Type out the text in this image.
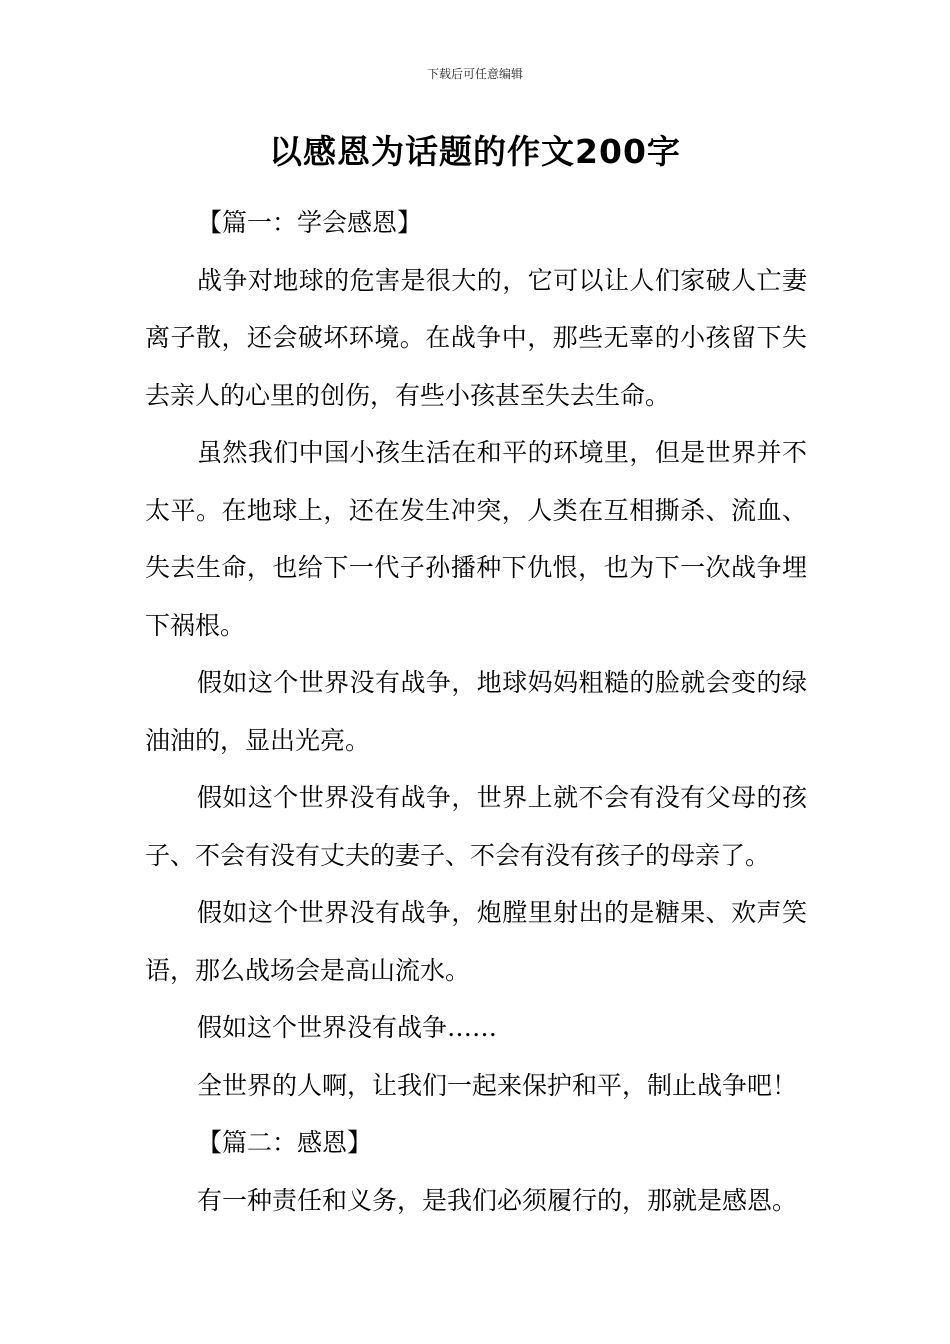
下载后可任意编辑
以感恩为话题的作文200字

【篇一：学会感恩】

战争对地球的危害是很大的，它可以让人们家破人亡妻离子散，还会破坏环境。在战争中，那些无辜的小孩留下失去亲人的心里的创伤，有些小孩甚至失去生命。

虽然我们中国小孩生活在和平的环境里，但是世界并不太平。在地球上，还在发生冲突，人类在互相撕杀、流血、失去生命，也给下一代子孙播种下仇恨，也为下一次战争埋下祸根。

假如这个世界没有战争，地球妈妈粗糙的脸就会变的绿油油的，显出光亮。

假如这个世界没有战争，世界上就不会有没有父母的孩子、不会有没有丈夫的妻子、不会有没有孩子的母亲了。

假如这个世界没有战争，炮膛里射出的是糖果、欢声笑语，那么战场会是高山流水。

假如这个世界没有战争……

全世界的人啊，让我们一起来保护和平，制止战争吧！

【篇二：感恩】

有一种责任和义务，是我们必须履行的，那就是感恩。
